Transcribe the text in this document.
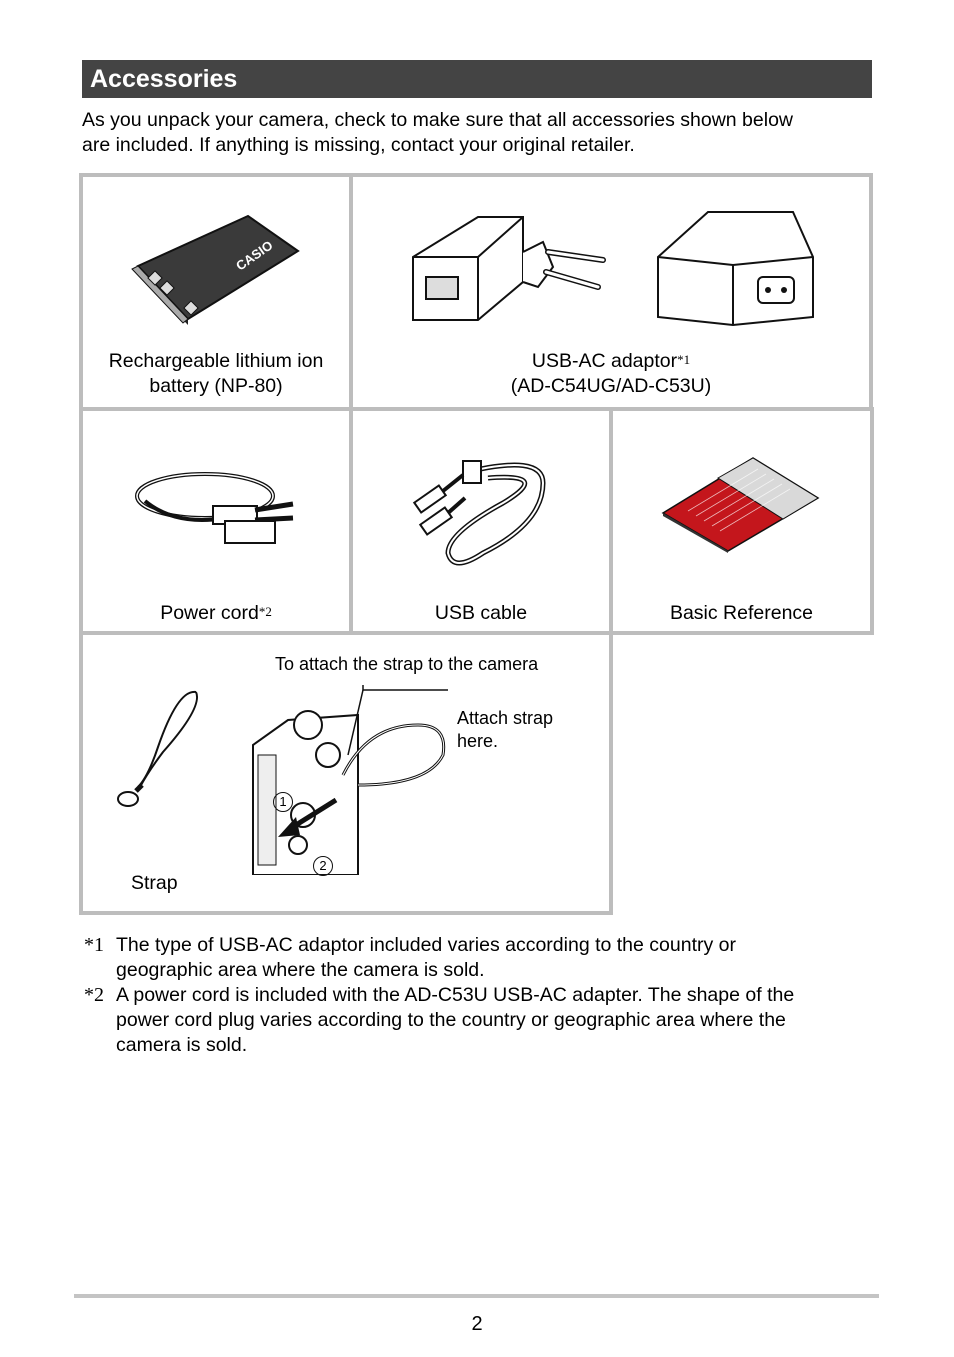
Accessories
As you unpack your camera, check to make sure that all accessories shown below
are included. If anything is missing, contact your original retailer.
CASIO
Rechargeable lithium ion
battery (NP-80)
USB-AC adaptor$^{*1}$
(AD-C54UG/AD-C53U)
Power cord$^{*2}$	USB cable	Basic Reference
To attach the strap to the camera
1
2
Attach strap
here.
Strap
*1 The type of USB-AC adaptor included varies according to the country or
geographic area where the camera is sold.
*2 A power cord is included with the AD-C53U USB-AC adapter. The shape of the
power cord plug varies according to the country or geographic area where the
camera is sold.
2
